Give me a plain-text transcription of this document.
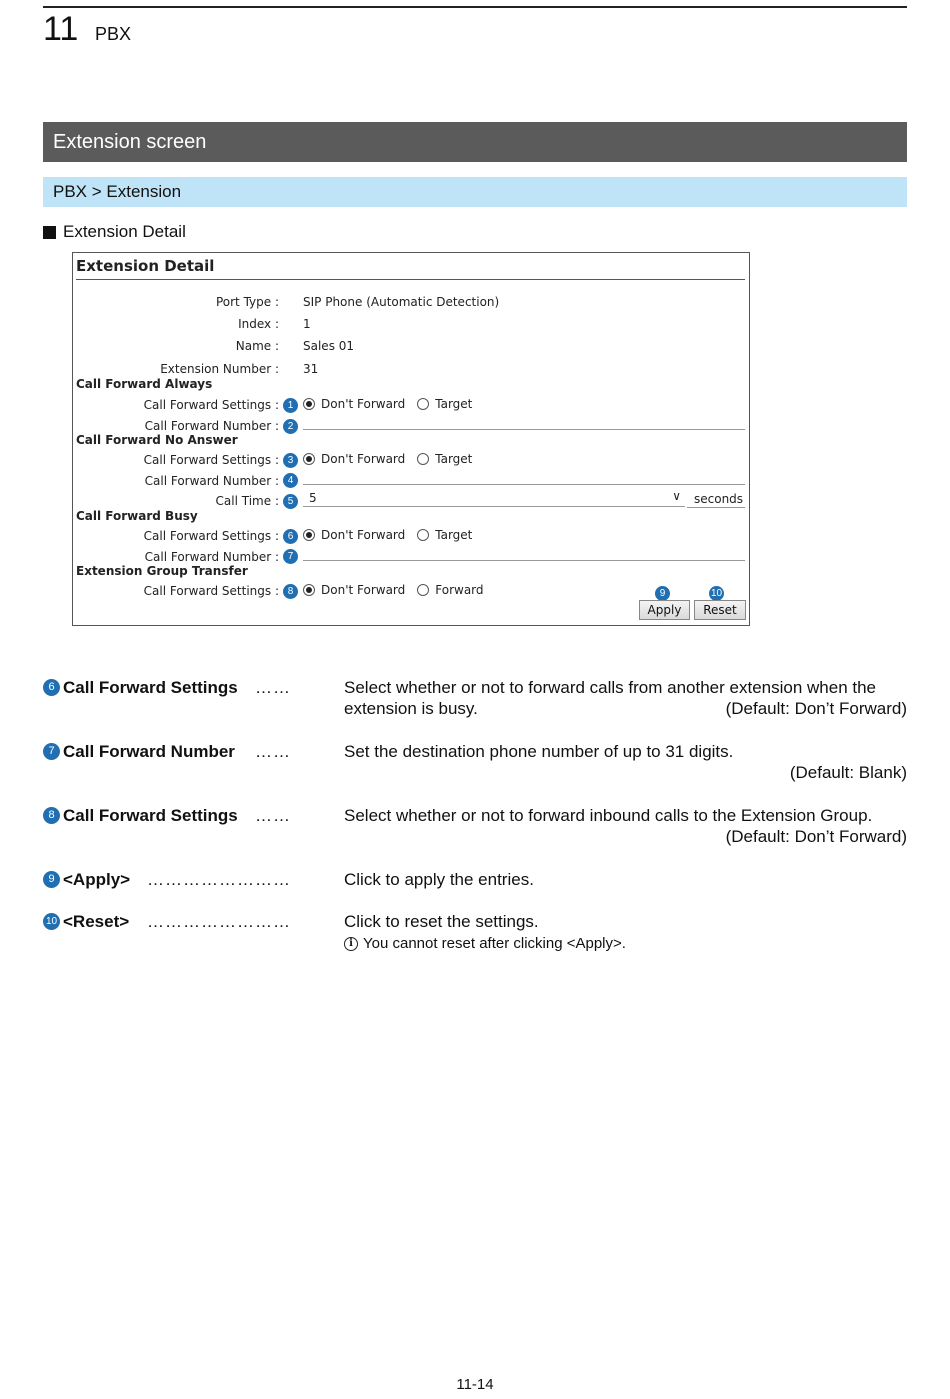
11 PBX
Extension screen
PBX > Extension
Extension Detail
Extension Detail
Port Type : SIP Phone (Automatic Detection)
Index : 1
Name : Sales 01
Extension Number : 31
Call Forward Always
Call Forward Settings : 1	Don't Forward	Target
Call Forward Number : 2
Call Forward No Answer
Call Forward Settings : 3	Don't Forward	Target
Call Forward Number : 4
Call Time : 5	5	∨ seconds
Call Forward Busy
Call Forward Settings : 6	Don't Forward	Target
Call Forward Number : 7
Extension Group Transfer
Call Forward Settings : 8	Don't Forward	Forward	9	10
Apply	Reset
6 Call Forward Settings	……	Select whether or not to forward calls from another extension when the extension is busy.	(Default: Don’t Forward)
7 Call Forward Number	……	Set the destination phone number of up to 31 digits.
(Default: Blank)
8 Call Forward Settings	……	Select whether or not to forward inbound calls to the Extension Group.
(Default: Don’t Forward)
9 <Apply> ……………………	Click to apply the entries.
10 <Reset>	……………………	Click to reset the settings.
i You cannot reset after clicking <Apply>.
11-14
